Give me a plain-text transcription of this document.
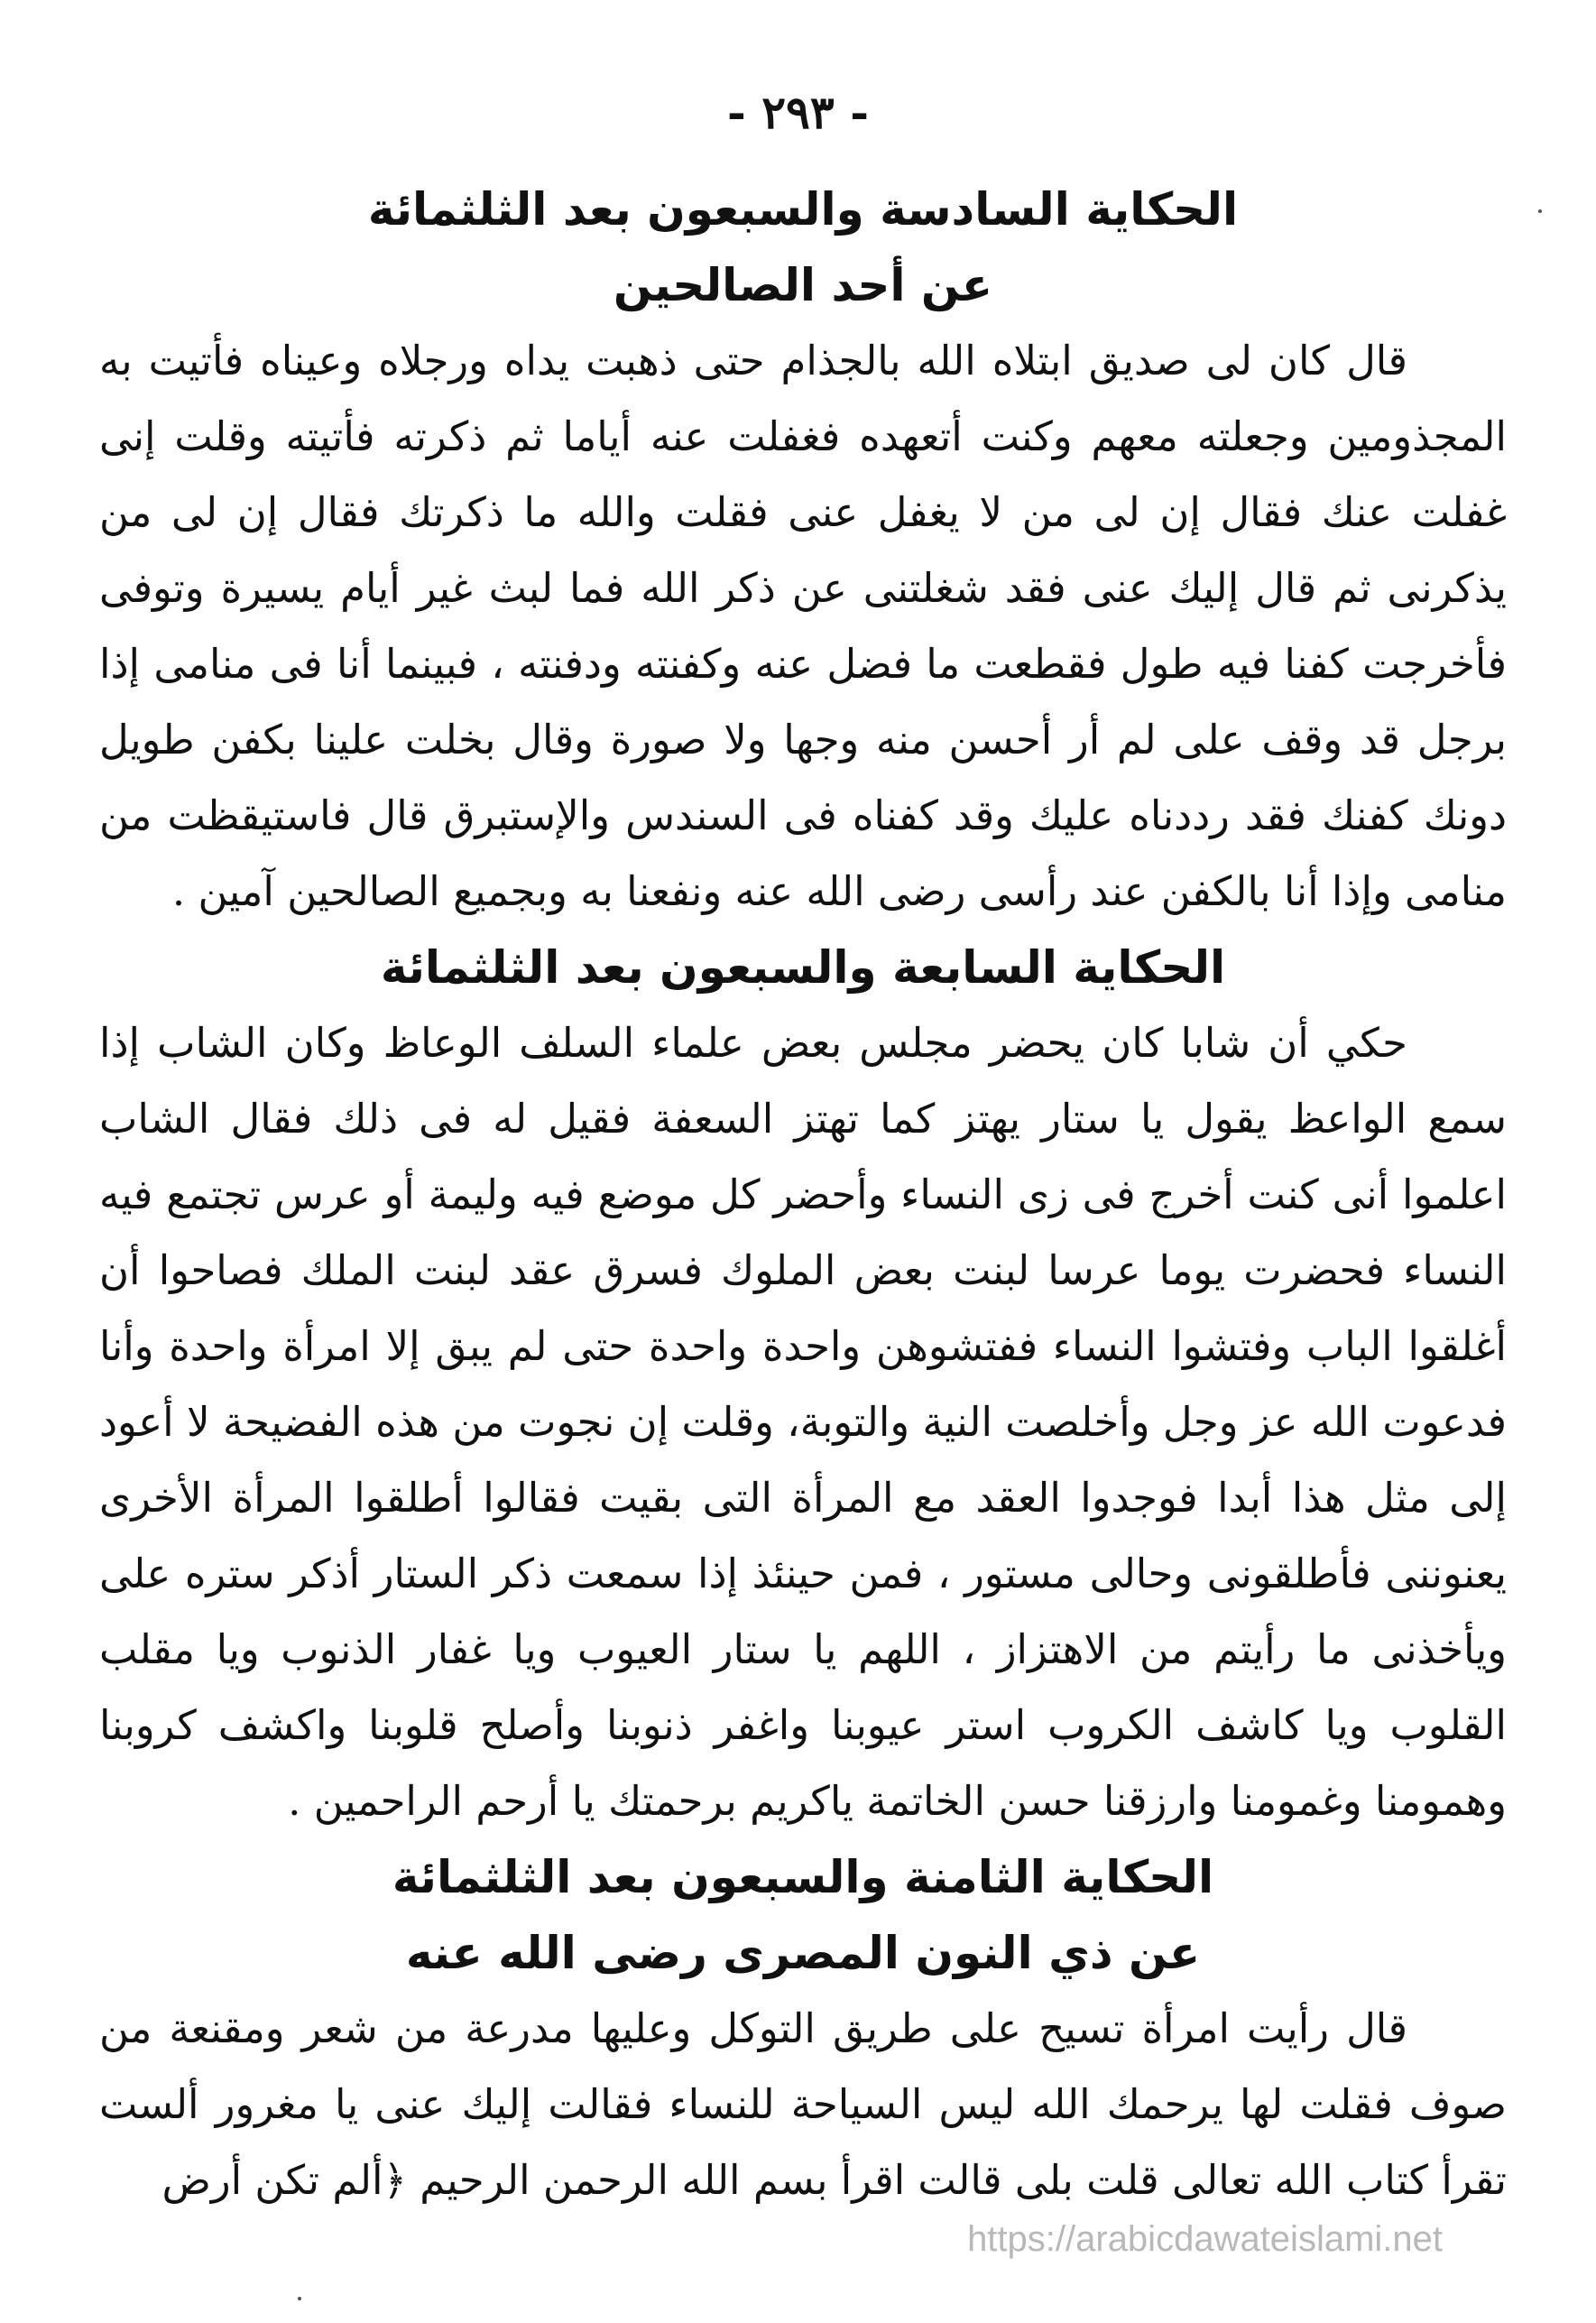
- ٢٩٣ -
الحكاية السادسة والسبعون بعد الثلثمائة
عن أحد الصالحين

قال كان لى صديق ابتلاه الله بالجذام حتى ذهبت يداه ورجلاه وعيناه فأتيت به المجذومين وجعلته معهم وكنت أتعهده فغفلت عنه أياما ثم ذكرته فأتيته وقلت إنى غفلت عنك فقال إن لى من لا يغفل عنى فقلت والله ما ذكرتك فقال إن لى من يذكرنى ثم قال إليك عنى فقد شغلتنى عن ذكر الله فما لبث غير أيام يسيرة وتوفى فأخرجت كفنا فيه طول فقطعت ما فضل عنه وكفنته ودفنته ، فبينما أنا فى منامى إذا برجل قد وقف على لم أر أحسن منه وجها ولا صورة وقال بخلت علينا بكفن طويل دونك كفنك فقد رددناه عليك وقد كفناه فى السندس والإستبرق قال فاستيقظت من منامى وإذا أنا بالكفن عند رأسى رضى الله عنه ونفعنا به وبجميع الصالحين آمين .

الحكاية السابعة والسبعون بعد الثلثمائة

حكي أن شابا كان يحضر مجلس بعض علماء السلف الوعاظ وكان الشاب إذا سمع الواعظ يقول يا ستار يهتز كما تهتز السعفة فقيل له فى ذلك فقال الشاب اعلموا أنى كنت أخرج فى زى النساء وأحضر كل موضع فيه وليمة أو عرس تجتمع فيه النساء فحضرت يوما عرسا لبنت بعض الملوك فسرق عقد لبنت الملك فصاحوا أن أغلقوا الباب وفتشوا النساء ففتشوهن واحدة واحدة حتى لم يبق إلا امرأة واحدة وأنا فدعوت الله عز وجل وأخلصت النية والتوبة، وقلت إن نجوت من هذه الفضيحة لا أعود إلى مثل هذا أبدا فوجدوا العقد مع المرأة التى بقيت فقالوا أطلقوا المرأة الأخرى يعنوننى فأطلقونى وحالى مستور ، فمن حينئذ إذا سمعت ذكر الستار أذكر ستره على ويأخذنى ما رأيتم من الاهتزاز ، اللهم يا ستار العيوب ويا غفار الذنوب ويا مقلب القلوب ويا كاشف الكروب استر عيوبنا واغفر ذنوبنا وأصلح قلوبنا واكشف كروبنا وهمومنا وغمومنا وارزقنا حسن الخاتمة ياكريم برحمتك يا أرحم الراحمين .

الحكاية الثامنة والسبعون بعد الثلثمائة
عن ذي النون المصرى رضى الله عنه

قال رأيت امرأة تسيح على طريق التوكل وعليها مدرعة من شعر ومقنعة من صوف فقلت لها يرحمك الله ليس السياحة للنساء فقالت إليك عنى يا مغرور ألست تقرأ كتاب الله تعالى قلت بلى قالت اقرأ بسم الله الرحمن الرحيم ﴿ألم تكن أرض

https://arabicdawateislami.net
